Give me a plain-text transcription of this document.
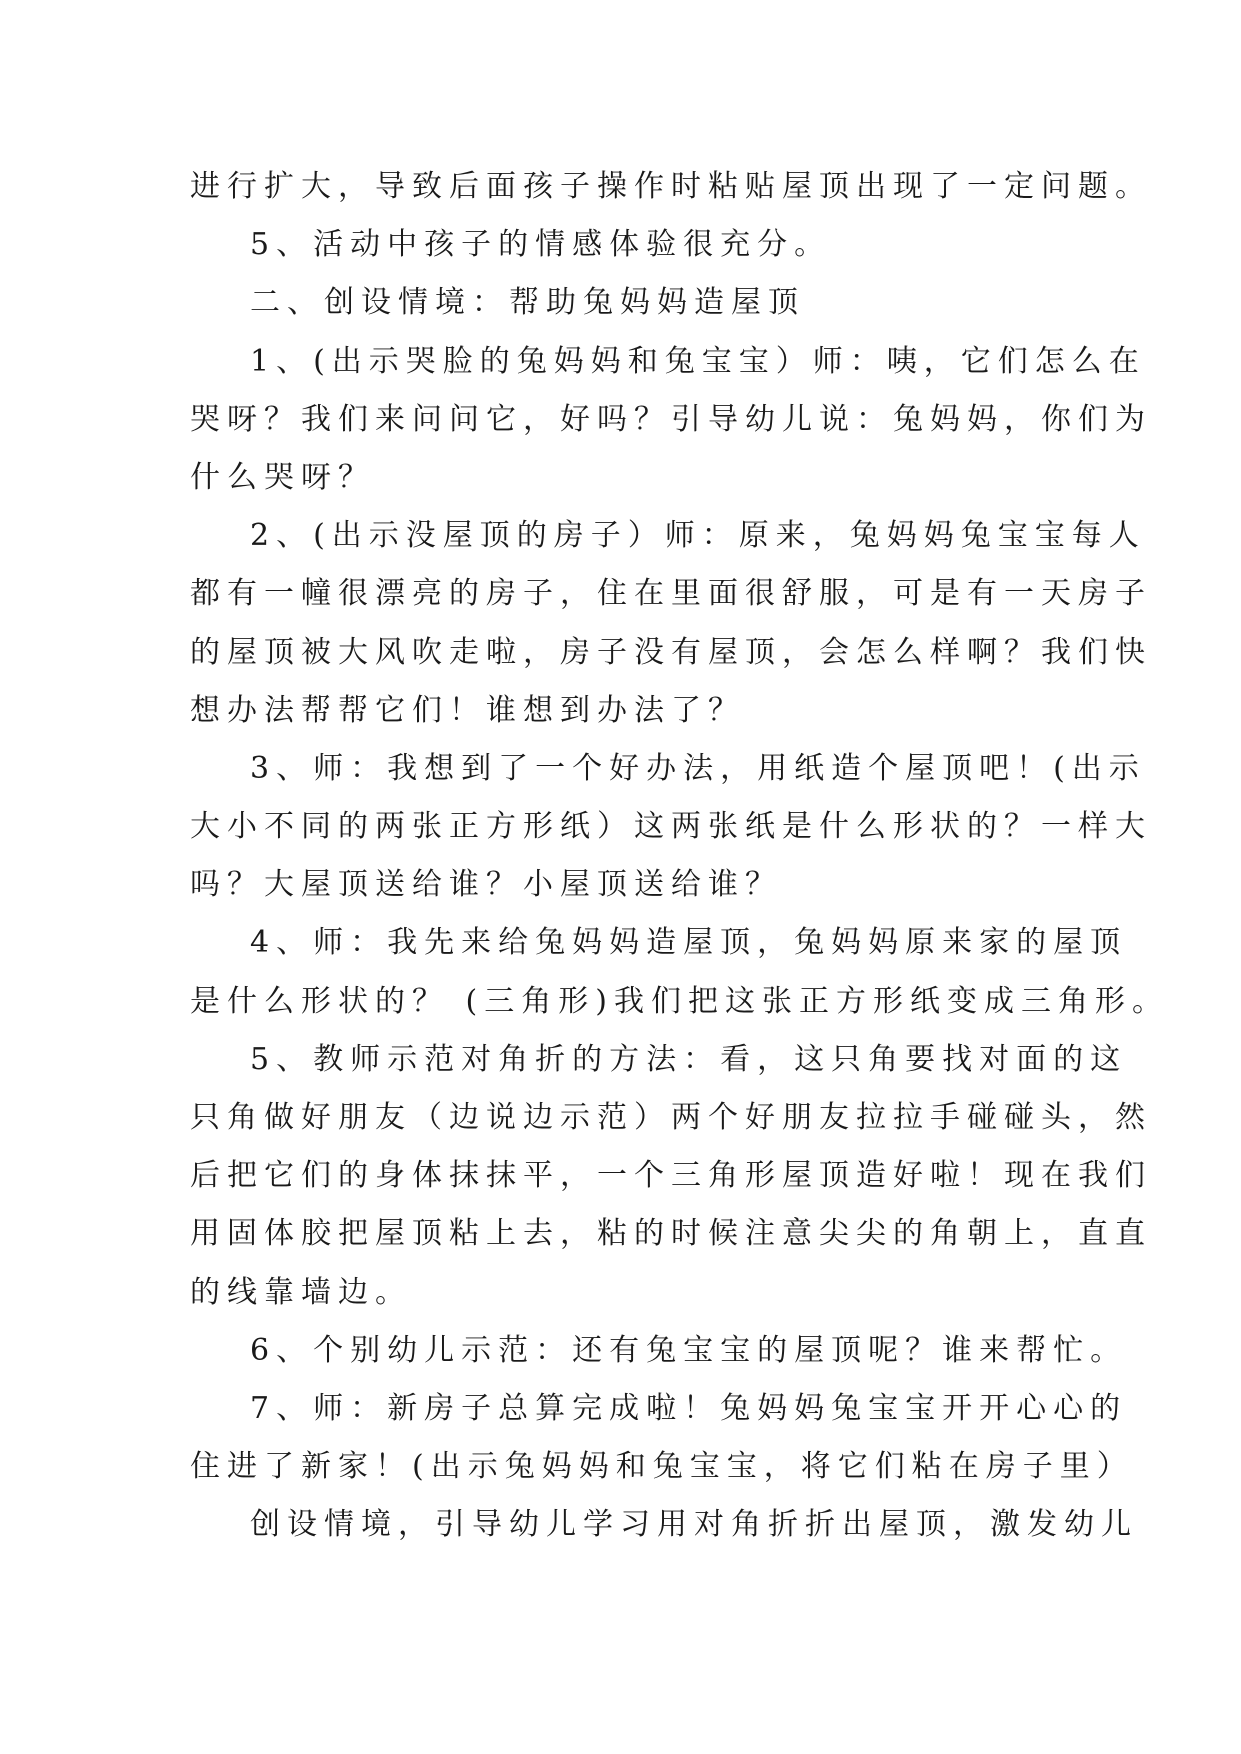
进行扩大，导致后面孩子操作时粘贴屋顶出现了一定问题。
5、活动中孩子的情感体验很充分。
二、创设情境：帮助兔妈妈造屋顶
1、(出示哭脸的兔妈妈和兔宝宝）师：咦，它们怎么在
哭呀？我们来问问它，好吗？引导幼儿说：兔妈妈，你们为
什么哭呀？
2、(出示没屋顶的房子）师：原来，兔妈妈兔宝宝每人
都有一幢很漂亮的房子，住在里面很舒服，可是有一天房子
的屋顶被大风吹走啦，房子没有屋顶，会怎么样啊？我们快
想办法帮帮它们！谁想到办法了？
3、师：我想到了一个好办法，用纸造个屋顶吧！(出示
大小不同的两张正方形纸）这两张纸是什么形状的？一样大
吗？大屋顶送给谁？小屋顶送给谁？
4、师：我先来给兔妈妈造屋顶，兔妈妈原来家的屋顶
是什么形状的？ (三角形)我们把这张正方形纸变成三角形。
5、教师示范对角折的方法：看，这只角要找对面的这
只角做好朋友（边说边示范）两个好朋友拉拉手碰碰头，然
后把它们的身体抹抹平，一个三角形屋顶造好啦！现在我们
用固体胶把屋顶粘上去，粘的时候注意尖尖的角朝上，直直
的线靠墙边。
6、个别幼儿示范：还有兔宝宝的屋顶呢？谁来帮忙。
7、师：新房子总算完成啦！兔妈妈兔宝宝开开心心的
住进了新家！(出示兔妈妈和兔宝宝，将它们粘在房子里）
创设情境，引导幼儿学习用对角折折出屋顶，激发幼儿
